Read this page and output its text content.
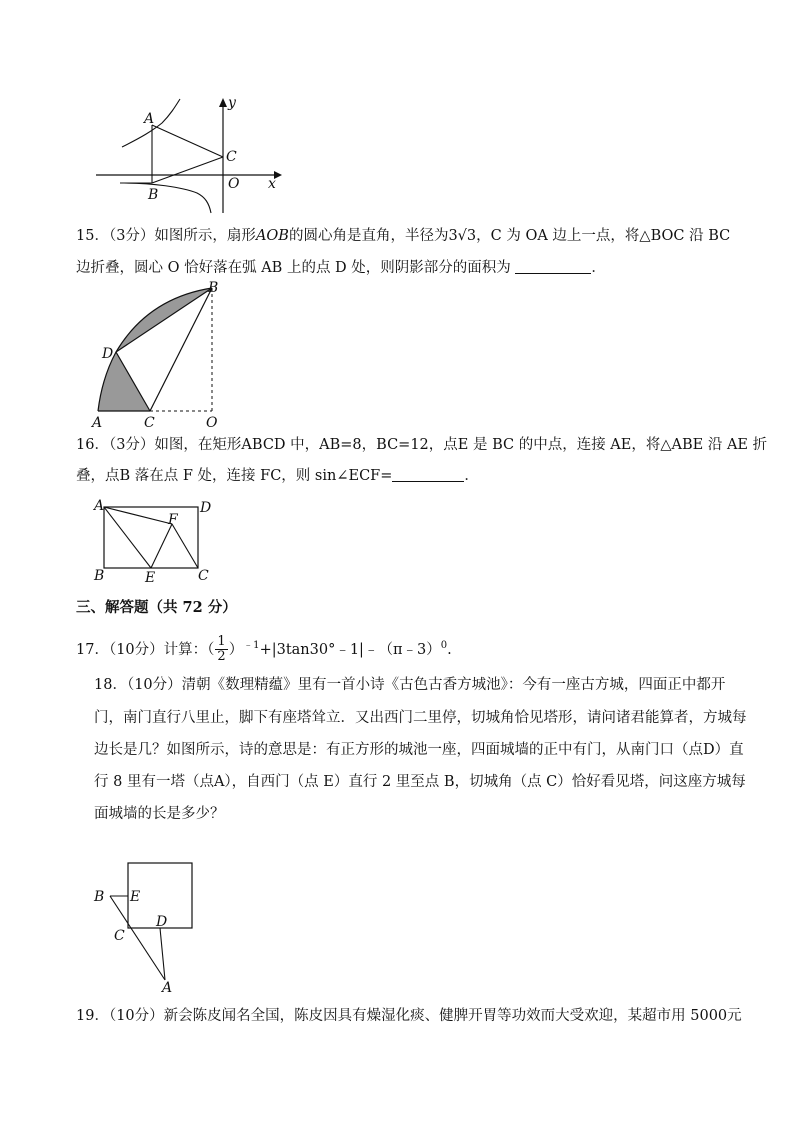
A
B
C
O x
y
15．（3分）如图所示，扇形AOB的圆心角是直角，半径为3√3，C 为 OA 边上一点，将△BOC 沿 BC
边折叠，圆心 O 恰好落在弧 AB 上的点 D 处，则阴影部分的面积为	．
A
B
C
D
O
16．（3分）如图，在矩形ABCD 中，AB=8，BC=12，点E 是 BC 的中点，连接 AE，将△ABE 沿 AE 折
叠，点B 落在点 F 处，连接 FC，则 sin∠ECF=	．
A	D
B	C
E
F
三、解答题（共 72 分）
17．（10分）计算：（ $\frac{1}{2}$ ）$^{﹣1}$+|3tan30°﹣1|﹣（π﹣3）$^0$.
18．（10分）清朝《数理精蕴》里有一首小诗《古色古香方城池》：今有一座古方城，四面正中都开
门，南门直行八里止，脚下有座塔耸立．又出西门二里停，切城角恰见塔形，请问诸君能算者，方城每
边长是几？如图所示，诗的意思是：有正方形的城池一座，四面城墙的正中有门，从南门口（点D）直
行 8 里有一塔（点A），自西门（点 E）直行 2 里至点 B，切城角（点 C）恰好看见塔，问这座方城每
面城墙的长是多少？
B E
C
D
A
19．（10分）新会陈皮闻名全国，陈皮因具有燥湿化痰、健脾开胃等功效而大受欢迎，某超市用 5000元
